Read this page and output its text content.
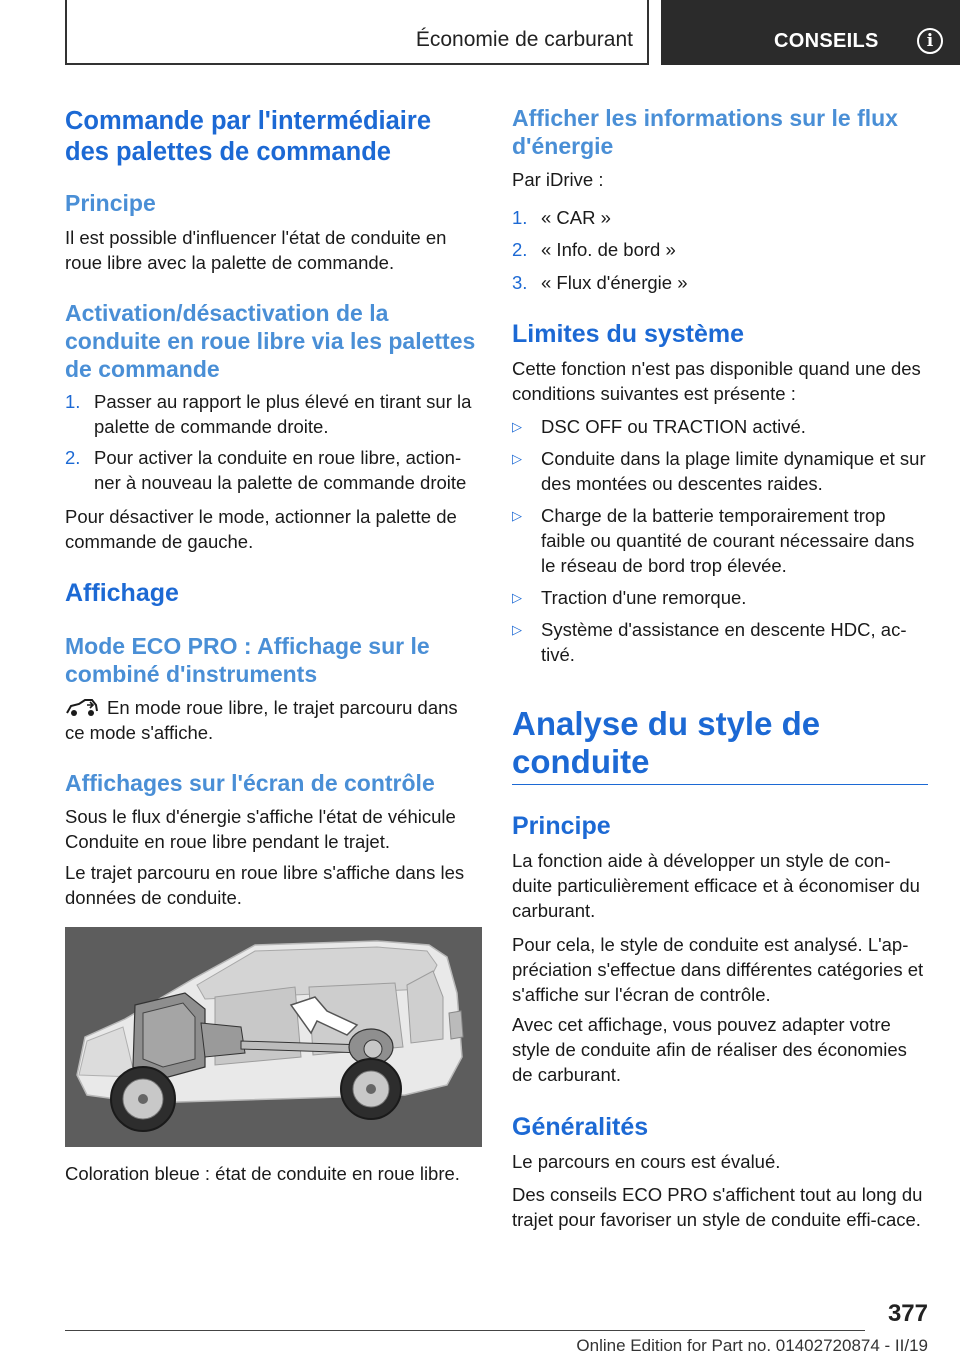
Économie de carburant	CONSEILS	i
Commande par l'intermédiaire
des palettes de commande
Principe

Il est possible d'influencer l'état de conduite en roue libre avec la palette de commande.

Activation/désactivation de la conduite en roue libre via les palettes de commande
1. Passer au rapport le plus élevé en tirant sur la palette de commande droite.
2. Pour activer la conduite en roue libre, action-ner à nouveau la palette de commande droite

Pour désactiver le mode, actionner la palette de commande de gauche.

Affichage
Mode ECO PRO : Affichage sur le combiné d'instruments

En mode roue libre, le trajet parcouru dans ce mode s'affiche.

Affichages sur l'écran de contrôle

Sous le flux d'énergie s'affiche l'état de véhicule Conduite en roue libre pendant le trajet.

Le trajet parcouru en roue libre s'affiche dans les données de conduite.

Coloration bleue : état de conduite en roue libre.

Afficher les informations sur le flux d'énergie

Par iDrive :

1. « CAR »
2. « Info. de bord »
3. « Flux d'énergie »
Limites du système

Cette fonction n'est pas disponible quand une des conditions suivantes est présente :

▷ DSC OFF ou TRACTION activé.
▷ Conduite dans la plage limite dynamique et sur des montées ou descentes raides.
▷ Charge de la batterie temporairement trop faible ou quantité de courant nécessaire dans le réseau de bord trop élevée.
▷ Traction d'une remorque.
▷ Système d'assistance en descente HDC, ac-tivé.
Analyse du style de conduite
Principe

La fonction aide à développer un style de con-duite particulièrement efficace et à économiser du carburant.

Pour cela, le style de conduite est analysé. L'ap-préciation s'effectue dans différentes catégories et s'affiche sur l'écran de contrôle.

Avec cet affichage, vous pouvez adapter votre style de conduite afin de réaliser des économies de carburant.

Généralités

Le parcours en cours est évalué.

Des conseils ECO PRO s'affichent tout au long du trajet pour favoriser un style de conduite effi-cace.

377
Online Edition for Part no. 01402720874 - II/19
